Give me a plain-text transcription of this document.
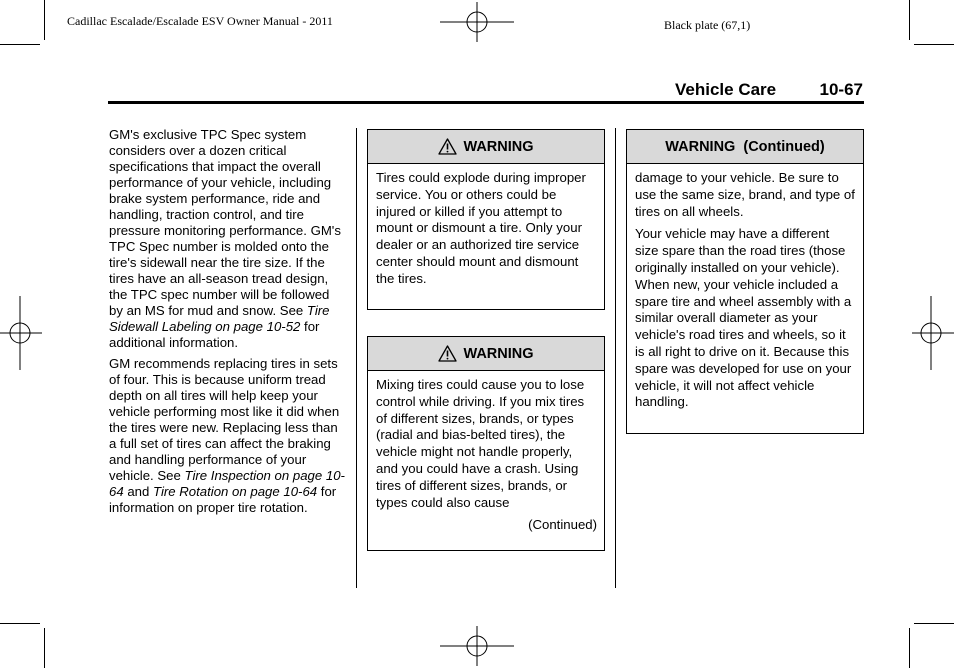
Cadillac Escalade/Escalade ESV Owner Manual - 2011	Black plate (67,1)
Vehicle Care	10-67

GM's exclusive TPC Spec system considers over a dozen critical specifications that impact the overall performance of your vehicle, including brake system performance, ride and handling, traction control, and tire pressure monitoring performance. GM's TPC Spec number is molded onto the tire's sidewall near the tire size. If the tires have an all-season tread design, the TPC spec number will be followed by an MS for mud and snow. See Tire Sidewall Labeling on page 10-52 for additional information.

GM recommends replacing tires in sets of four. This is because uniform tread depth on all tires will help keep your vehicle performing most like it did when the tires were new. Replacing less than a full set of tires can affect the braking and handling performance of your vehicle. See Tire Inspection on page 10-64 and Tire Rotation on page 10-64 for information on proper tire rotation.

WARNING

Tires could explode during improper service. You or others could be injured or killed if you attempt to mount or dismount a tire. Only your dealer or an authorized tire service center should mount and dismount the tires.

WARNING

Mixing tires could cause you to lose control while driving. If you mix tires of different sizes, brands, or types (radial and bias-belted tires), the vehicle might not handle properly, and you could have a crash. Using tires of different sizes, brands, or types could also cause

(Continued)
WARNING  (Continued)

damage to your vehicle. Be sure to use the same size, brand, and type of tires on all wheels.

Your vehicle may have a different size spare than the road tires (those originally installed on your vehicle). When new, your vehicle included a spare tire and wheel assembly with a similar overall diameter as your vehicle's road tires and wheels, so it is all right to drive on it. Because this spare was developed for use on your vehicle, it will not affect vehicle handling.
